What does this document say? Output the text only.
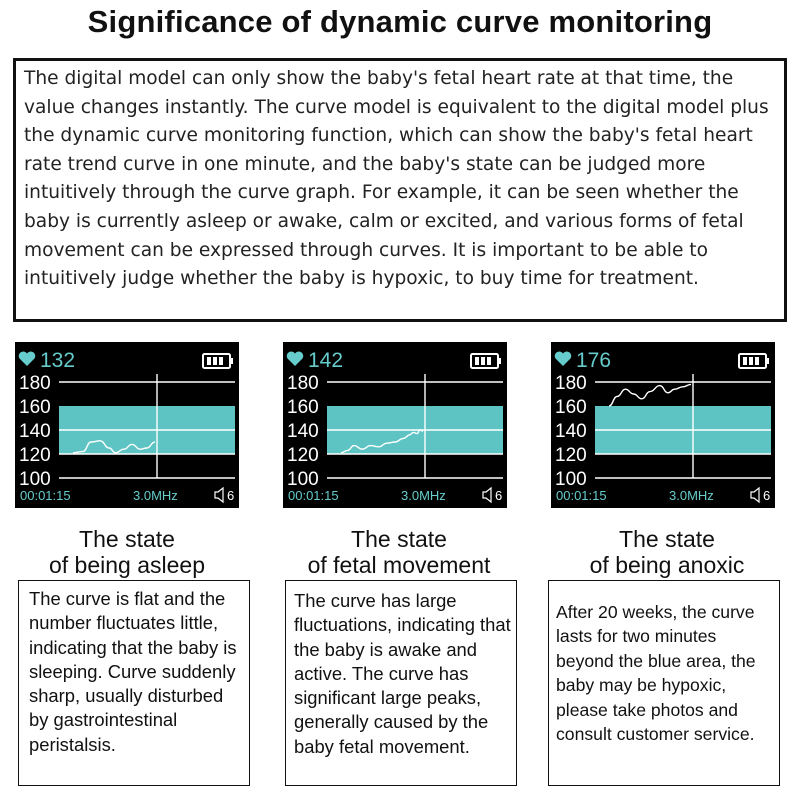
Significance of dynamic curve monitoring
The digital model can only show the baby's fetal heart rate at that time, the value changes instantly. The curve model is equivalent to the digital model plus the dynamic curve monitoring function, which can show the baby's fetal heart rate trend curve in one minute, and the baby's state can be judged more intuitively through the curve graph. For example, it can be seen whether the baby is currently asleep or awake, calm or excited, and various forms of fetal movement can be expressed through curves. It is important to be able to intuitively judge whether the baby is hypoxic, to buy time for treatment.
132
180
160
140
120
100
00:01:15	3.0MHz	6
142
180
160
140
120
100
00:01:15	3.0MHz	6
176
180
160
140
120
100
00:01:15	3.0MHz	6
The state
of being asleep
The state
of fetal movement
The state
of being anoxic
The curve is flat and the number fluctuates little, indicating that the baby is sleeping. Curve suddenly sharp, usually disturbed by gastrointestinal peristalsis.
The curve has large fluctuations, indicating that the baby is awake and active. The curve has significant large peaks, generally caused by the baby fetal movement.
After 20 weeks, the curve lasts for two minutes beyond the blue area, the baby may be hypoxic, please take photos and consult customer service.
